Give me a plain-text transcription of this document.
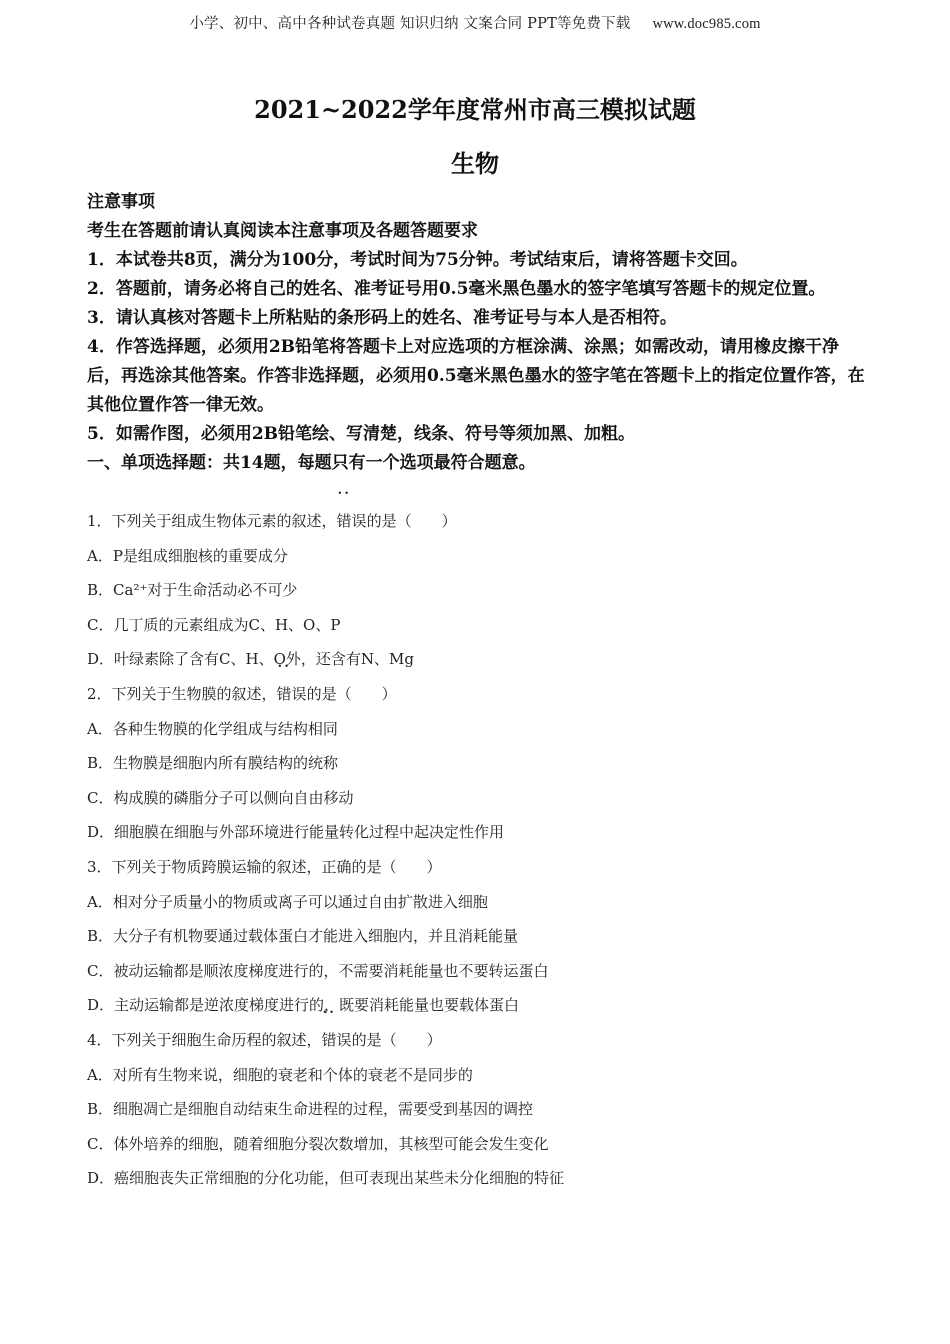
小学、初中、高中各种试卷真题 知识归纳 文案合同 PPT等免费下载 www.doc985.com
2021~2022学年度常州市高三模拟试题
生物

注意事项

考生在答题前请认真阅读本注意事项及各题答题要求

1．本试卷共8页，满分为100分，考试时间为75分钟。考试结束后，请将答题卡交回。

2．答题前，请务必将自己的姓名、准考证号用0.5毫米黑色墨水的签字笔填写答题卡的规定位置。

3．请认真核对答题卡上所粘贴的条形码上的姓名、准考证号与本人是否相符。

4．作答选择题，必须用2B铅笔将答题卡上对应选项的方框涂满、涂黑；如需改动，请用橡皮擦干净后，再选涂其他答案。作答非选择题，必须用0.5毫米黑色墨水的签字笔在答题卡上的指定位置作答，在其他位置作答一律无效。

5．如需作图，必须用2B铅笔绘、写清楚，线条、符号等须加黑、加粗。

一、单项选择题：共14题，每题只有一个选项最符合题意。

1．下列关于组成生物体元素的叙述，•• 错误的是（　　）
A．P是组成细胞核的重要成分
B．Ca²⁺对于生命活动必不可少
C．几丁质的元素组成为C、H、O、P
D．叶绿素除了含有C、H、O外，还含有N、Mg
2．下列关于生物膜的叙述，•• 错误的是（　　）
A．各种生物膜的化学组成与结构相同
B．生物膜是细胞内所有膜结构的统称
C．构成膜的磷脂分子可以侧向自由移动
D．细胞膜在细胞与外部环境进行能量转化过程中起决定性作用
3．下列关于物质跨膜运输的叙述，正确的是（　　）
A．相对分子质量小的物质或离子可以通过自由扩散进入细胞
B．大分子有机物要通过载体蛋白才能进入细胞内，并且消耗能量
C．被动运输都是顺浓度梯度进行的，不需要消耗能量也不要转运蛋白
D．主动运输都是逆浓度梯度进行的，既要消耗能量也要载体蛋白
4．下列关于细胞生命历程的叙述，•• 错误的是（　　）
A．对所有生物来说，细胞的衰老和个体的衰老不是同步的
B．细胞凋亡是细胞自动结束生命进程的过程，需要受到基因的调控
C．体外培养的细胞，随着细胞分裂次数增加，其核型可能会发生变化
D．癌细胞丧失正常细胞的分化功能，但可表现出某些未分化细胞的特征
